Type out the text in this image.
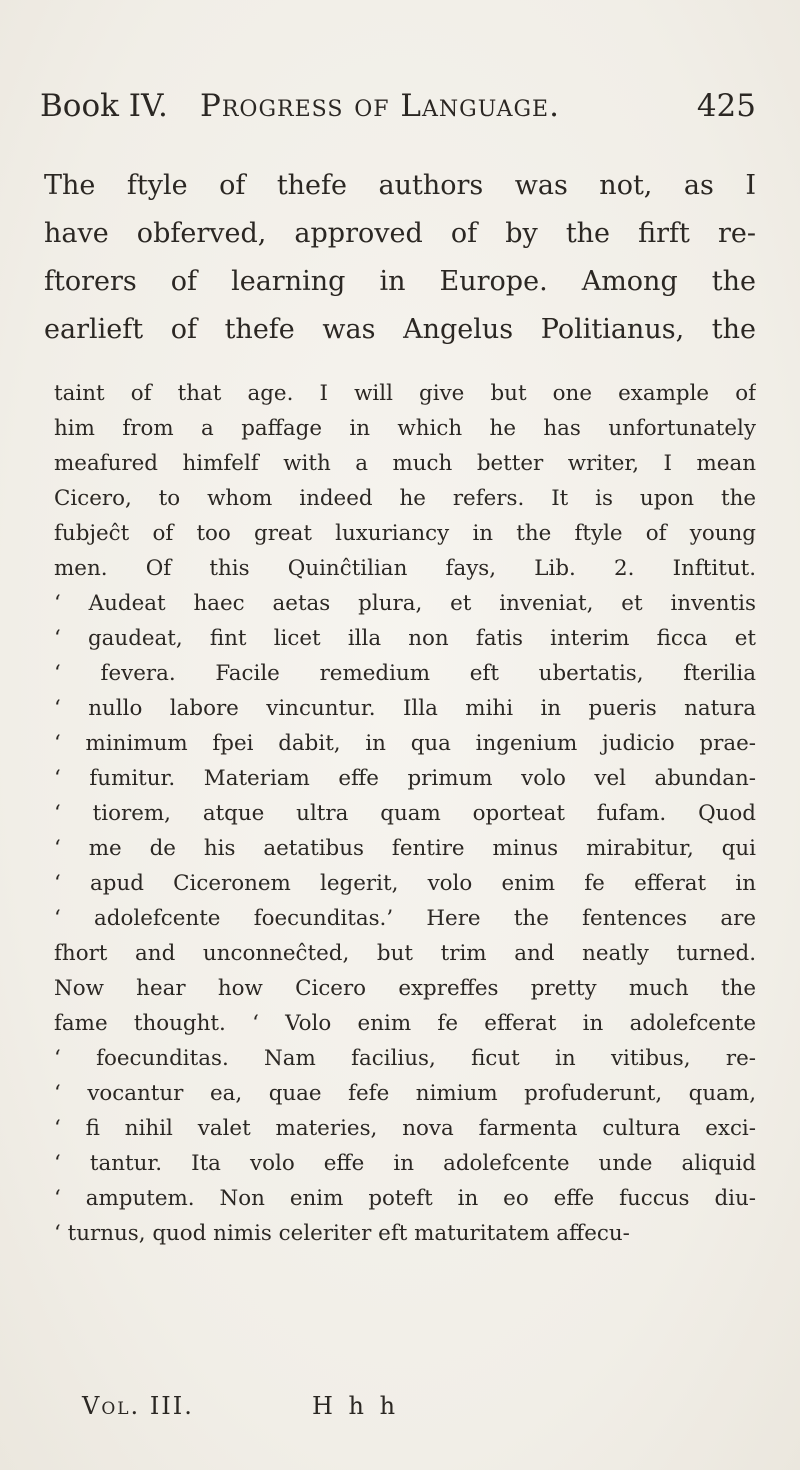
Book IV. Progress of Language.	425
The ftyle of thefe authors was not, as I
have obferved, approved of by the firft re-
ftorers of learning in Europe. Among the
earlieft of thefe was Angelus Politianus, the
taint of that age. I will give but one example of
him from a paffage in which he has unfortunately
meafured himfelf with a much better writer, I mean
Cicero, to whom indeed he refers. It is upon the
fubjeĉt of too great luxuriancy in the ftyle of young
men. Of this Quinĉtilian fays, Lib. 2. Inftitut.
‘ Audeat haec aetas plura, et inveniat, et inventis
‘ gaudeat, fint licet illa non fatis interim ficca et
‘ fevera. Facile remedium eft ubertatis, fterilia
‘ nullo labore vincuntur. Illa mihi in pueris natura
‘ minimum fpei dabit, in qua ingenium judicio prae-
‘ fumitur. Materiam effe primum volo vel abundan-
‘ tiorem, atque ultra quam oporteat fufam. Quod
‘ me de his aetatibus fentire minus mirabitur, qui
‘ apud Ciceronem legerit, volo enim fe efferat in
‘ adolefcente foecunditas.’ Here the fentences are
fhort and unconneĉted, but trim and neatly turned.
Now hear how Cicero expreffes pretty much the
fame thought. ‘ Volo enim fe efferat in adolefcente
‘ foecunditas. Nam facilius, ficut in vitibus, re-
‘ vocantur ea, quae fefe nimium profuderunt, quam,
‘ fi nihil valet materies, nova farmenta cultura exci-
‘ tantur. Ita volo effe in adolefcente unde aliquid
‘ amputem. Non enim poteft in eo effe fuccus diu-
‘ turnus, quod nimis celeriter eft maturitatem affecu-
Vol. III.	H h h
